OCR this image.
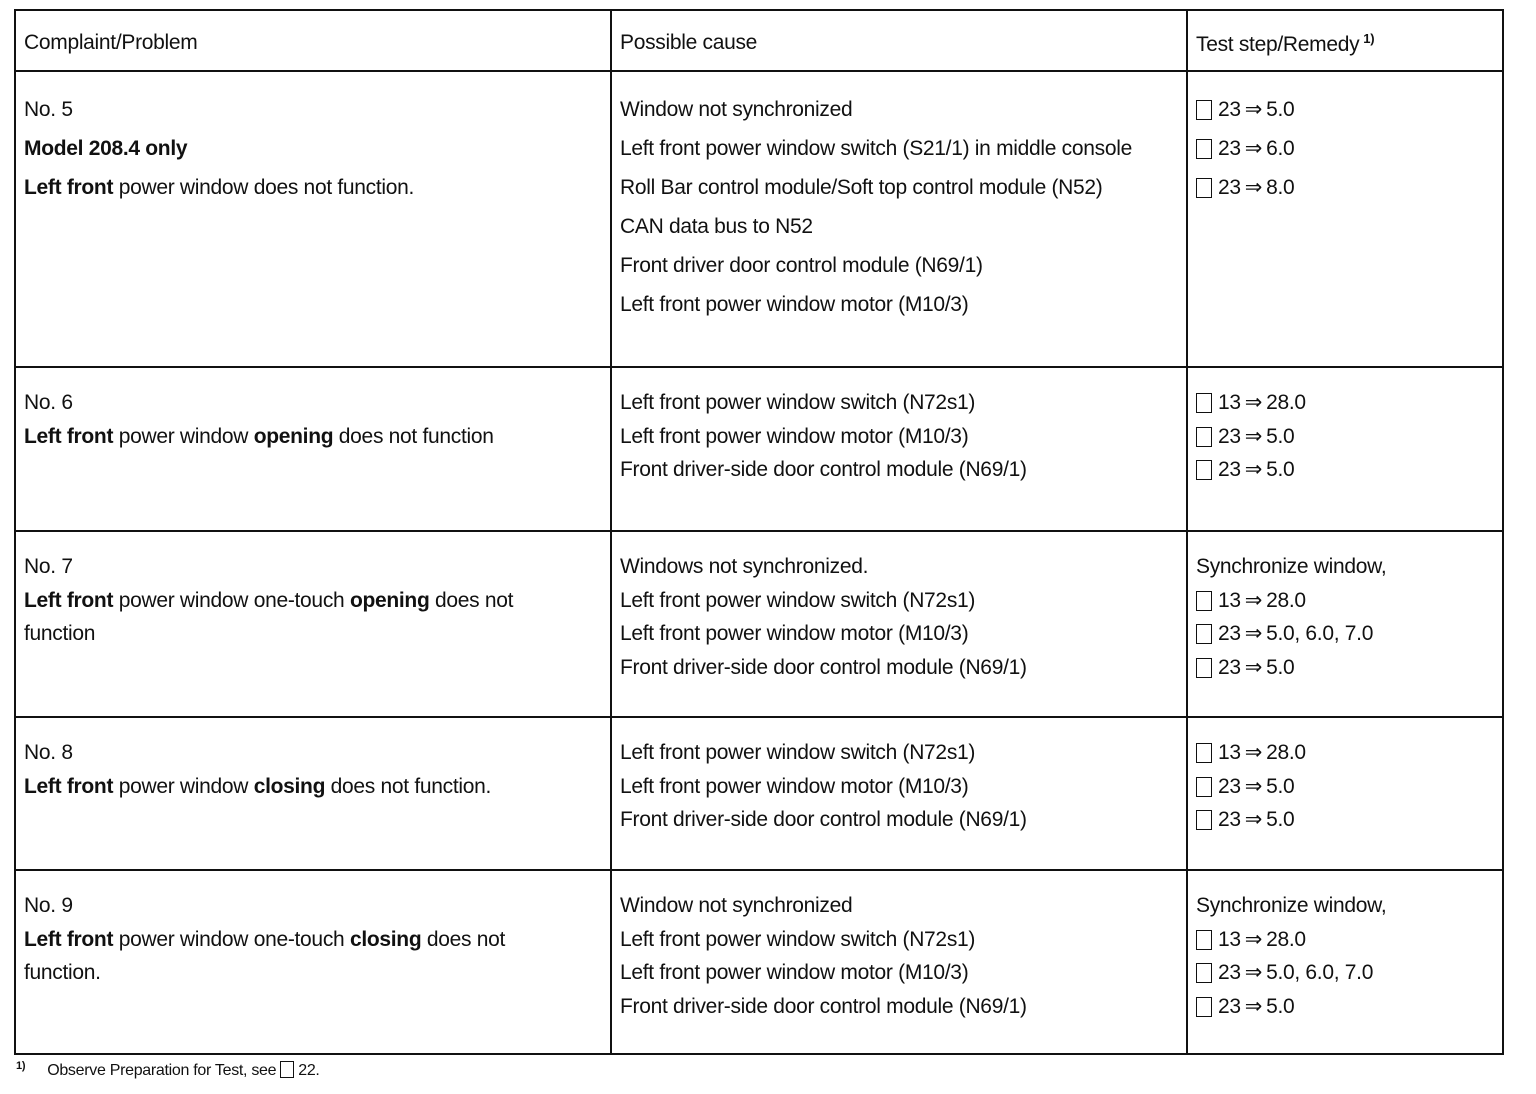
Complaint/Problem	Possible cause	Test step/Remedy $^{1)}$
No. 5
Model 208.4 only
Left front power window does not function.
Window not synchronized
Left front power window switch (S21/1) in middle console
Roll Bar control module/Soft top control module (N52)
CAN data bus to N52
Front driver door control module (N69/1)
Left front power window motor (M10/3)
23 ⇒ 5.0
23 ⇒ 6.0
23 ⇒ 8.0
No. 6
Left front power window opening does not function
Left front power window switch (N72s1)
Left front power window motor (M10/3)
Front driver-side door control module (N69/1)
13 ⇒ 28.0
23 ⇒ 5.0
23 ⇒ 5.0
No. 7
Left front power window one-touch opening does not
function
Windows not synchronized.
Left front power window switch (N72s1)
Left front power window motor (M10/3)
Front driver-side door control module (N69/1)
Synchronize window,
13 ⇒ 28.0
23 ⇒ 5.0, 6.0, 7.0
23 ⇒ 5.0
No. 8
Left front power window closing does not function.
Left front power window switch (N72s1)
Left front power window motor (M10/3)
Front driver-side door control module (N69/1)
13 ⇒ 28.0
23 ⇒ 5.0
23 ⇒ 5.0
No. 9
Left front power window one-touch closing does not
function.
Window not synchronized
Left front power window switch (N72s1)
Left front power window motor (M10/3)
Front driver-side door control module (N69/1)
Synchronize window,
13 ⇒ 28.0
23 ⇒ 5.0, 6.0, 7.0
23 ⇒ 5.0
$^{1)}$ Observe Preparation for Test, see 22.
